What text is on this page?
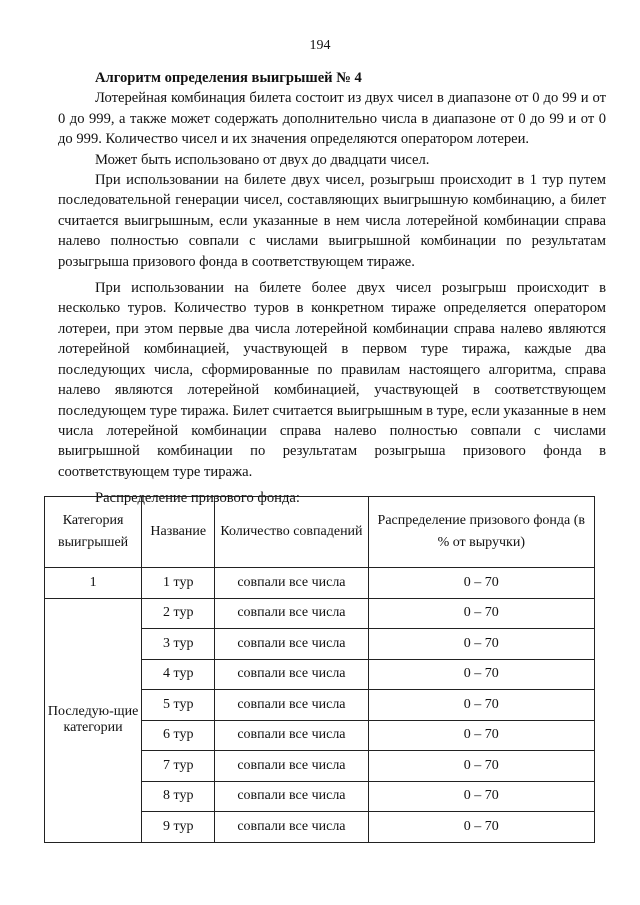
194
Алгоритм определения выигрышей № 4

Лотерейная комбинация билета состоит из двух чисел в диапазоне от 0 до 99 и от 0 до 999, а также может содержать дополнительно числа в диапазоне от 0 до 99 и от 0 до 999. Количество чисел и их значения определяются оператором лотереи.

Может быть использовано от двух до двадцати чисел.

При использовании на билете двух чисел, розыгрыш происходит в 1 тур путем последовательной генерации чисел, составляющих выигрышную комбинацию, а билет считается выигрышным, если указанные в нем числа лотерейной комбинации справа налево полностью совпали с числами выигрышной комбинации по результатам розыгрыша призового фонда в соответствующем тираже.

При использовании на билете более двух чисел розыгрыш происходит в несколько туров. Количество туров в конкретном тираже определяется оператором лотереи, при этом первые два числа лотерейной комбинации справа налево являются лотерейной комбинацией, участвующей в первом туре тиража, каждые два последующих числа, сформированные по правилам настоящего алгоритма, справа налево являются лотерейной комбинацией, участвующей в соответствующем последующем туре тиража. Билет считается выигрышным в туре, если указанные в нем числа лотерейной комбинации справа налево полностью совпали с числами выигрышной комбинации по результатам розыгрыша призового фонда в соответствующем туре тиража.

Распределение призового фонда:

Категория выигрышей	Название	Количество совпадений	Распределение призового фонда (в % от выручки)
1	1 тур	совпали все числа	0 – 70
Последую-щие категории	2 тур	совпали все числа	0 – 70
	3 тур	совпали все числа	0 – 70
	4 тур	совпали все числа	0 – 70
	5 тур	совпали все числа	0 – 70
	6 тур	совпали все числа	0 – 70
	7 тур	совпали все числа	0 – 70
	8 тур	совпали все числа	0 – 70
	9 тур	совпали все числа	0 – 70
